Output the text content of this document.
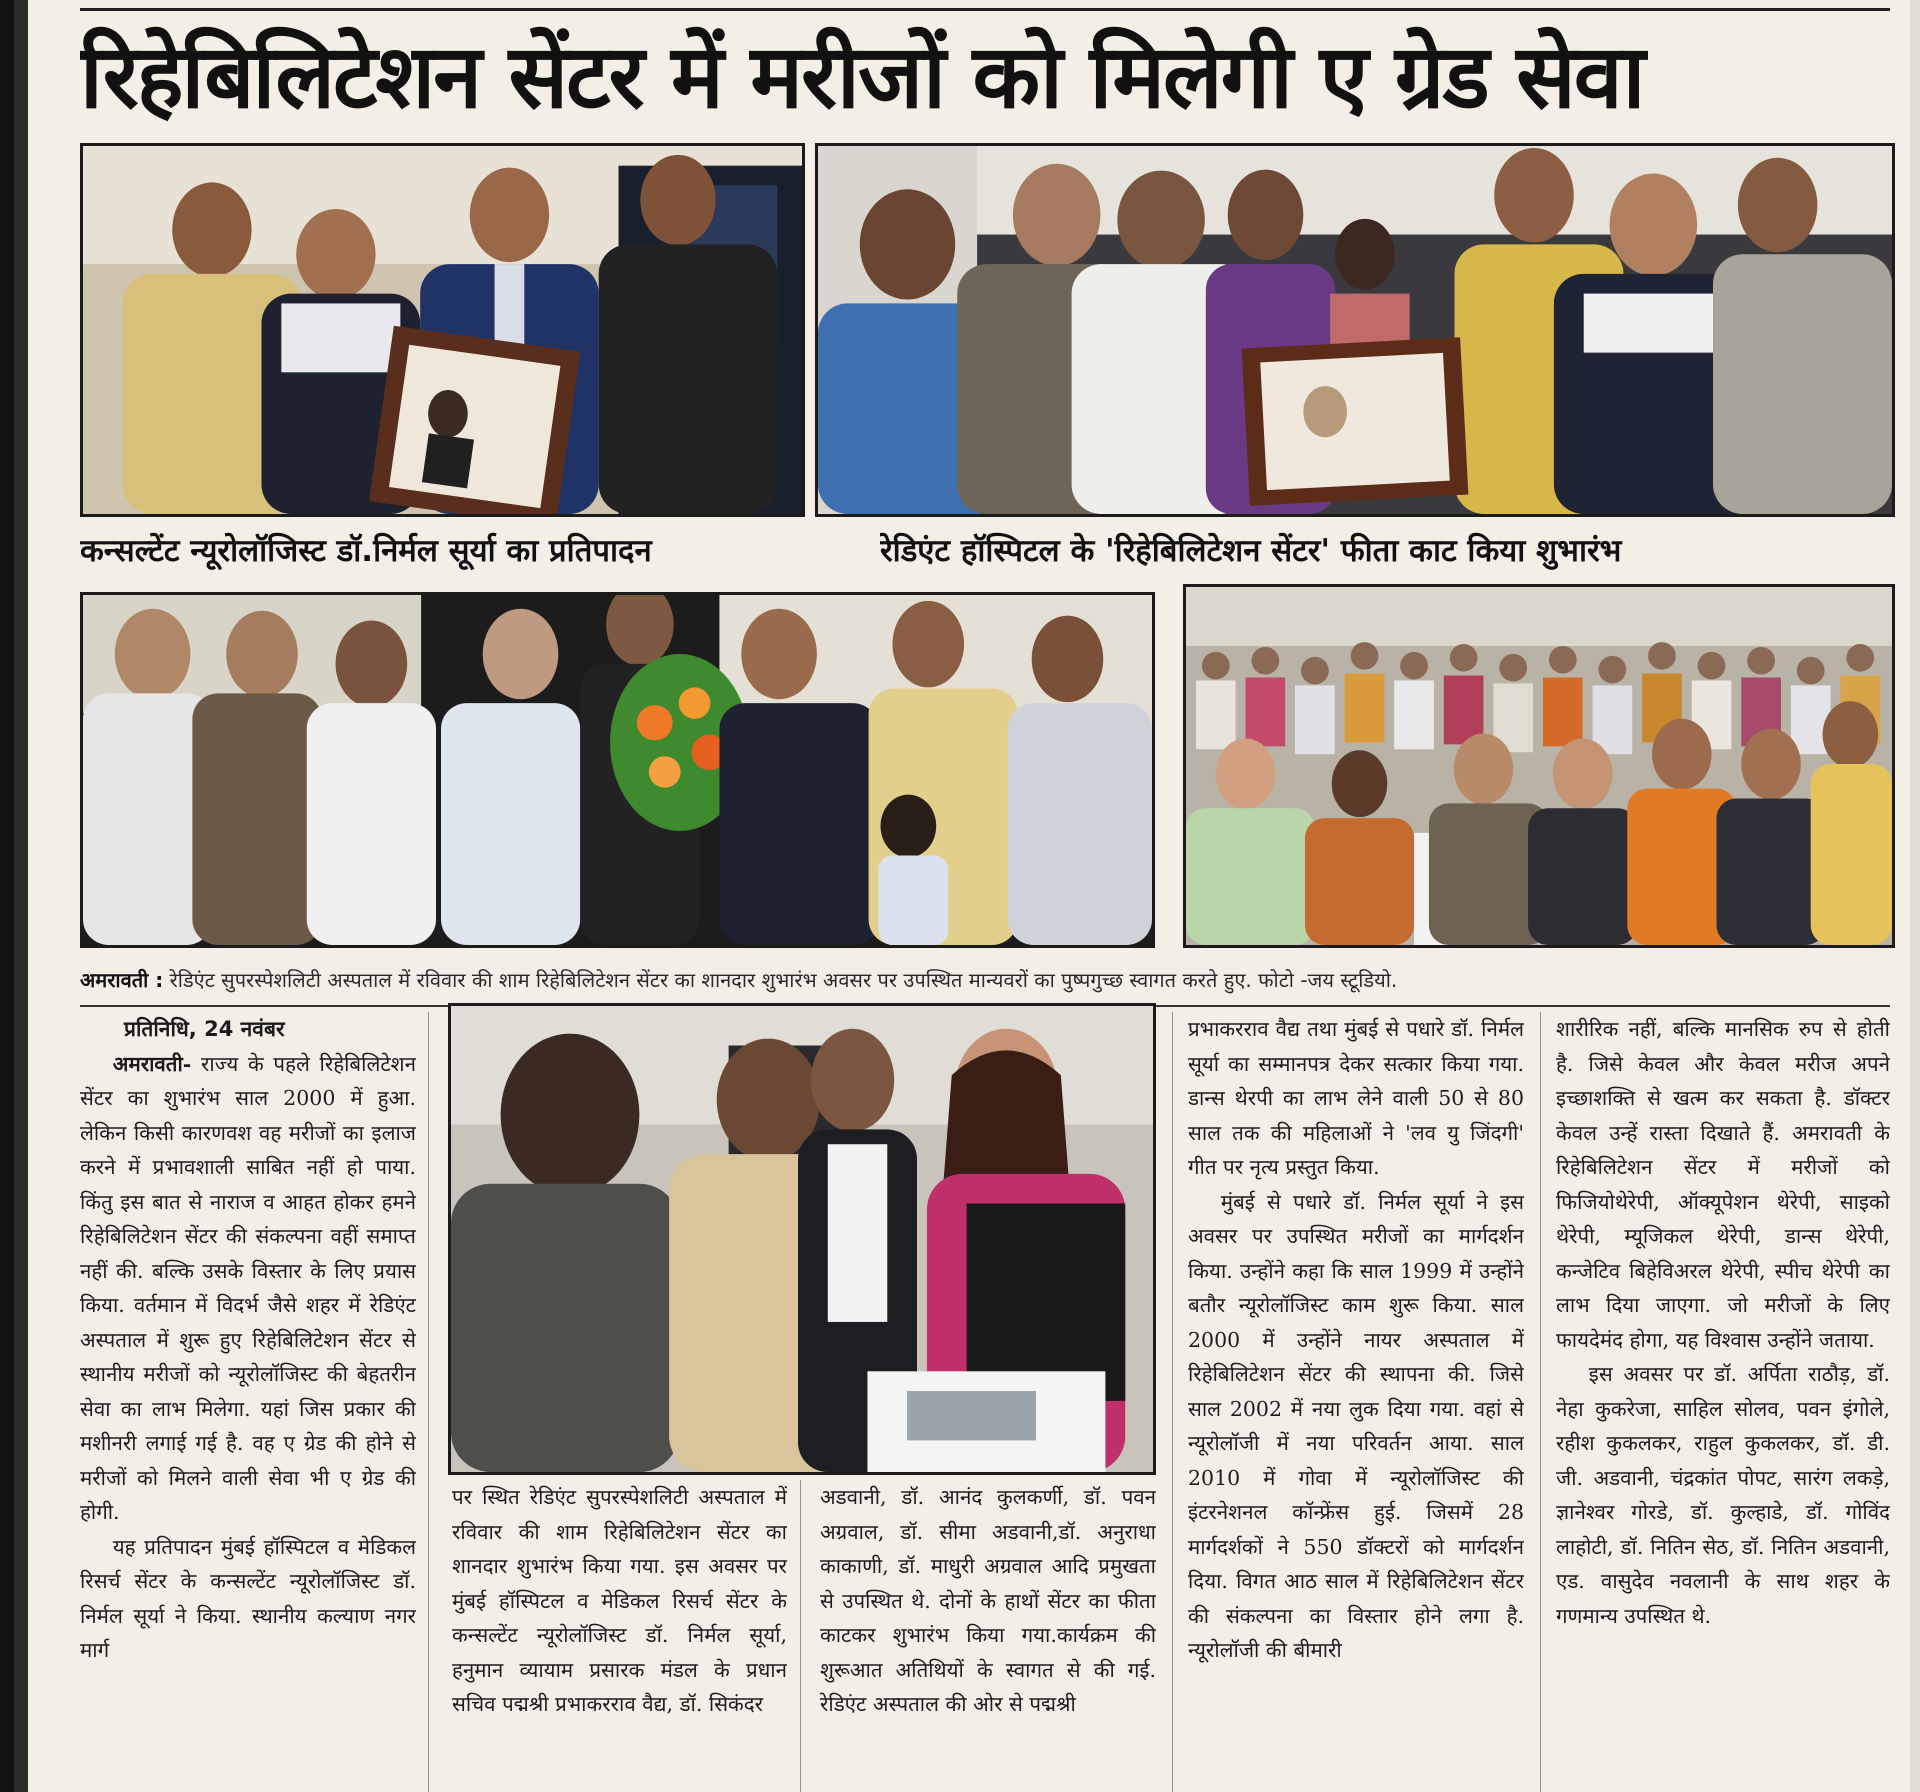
रिहेबिलिटेशन सेंटर में मरीजों को मिलेगी ए ग्रेड सेवा
कन्सल्टेंट न्यूरोलॉजिस्ट डॉ.निर्मल सूर्या का प्रतिपादन	रेडिएंट हॉस्पिटल के 'रिहेबिलिटेशन सेंटर' फीता काट किया शुभारंभ
अमरावती : रेडिएंट सुपरस्पेशलिटी अस्पताल में रविवार की शाम रिहेबिलिटेशन सेंटर का शानदार शुभारंभ अवसर पर उपस्थित मान्यवरों का पुष्पगुच्छ स्वागत करते हुए. फोटो -जय स्टूडियो.

प्रतिनिधि, 24 नवंबर

अमरावती- राज्य के पहले रिहेबिलिटेशन सेंटर का शुभारंभ साल 2000 में हुआ. लेकिन किसी कारणवश वह मरीजों का इलाज करने में प्रभावशाली साबित नहीं हो पाया. किंतु इस बात से नाराज व आहत होकर हमने रिहेबिलिटेशन सेंटर की संकल्पना वहीं समाप्त नहीं की. बल्कि उसके विस्तार के लिए प्रयास किया. वर्तमान में विदर्भ जैसे शहर में रेडिएंट अस्पताल में शुरू हुए रिहेबिलिटेशन सेंटर से स्थानीय मरीजों को न्यूरोलॉजिस्ट की बेहतरीन सेवा का लाभ मिलेगा. यहां जिस प्रकार की मशीनरी लगाई गई है. वह ए ग्रेड की होने से मरीजों को मिलने वाली सेवा भी ए ग्रेड की होगी.

यह प्रतिपादन मुंबई हॉस्पिटल व मेडिकल रिसर्च सेंटर के कन्सल्टेंट न्यूरोलॉजिस्ट डॉ. निर्मल सूर्या ने किया. स्थानीय कल्याण नगर मार्ग

पर स्थित रेडिएंट सुपरस्पेशलिटी अस्पताल में रविवार की शाम रिहेबिलिटेशन सेंटर का शानदार शुभारंभ किया गया. इस अवसर पर मुंबई हॉस्पिटल व मेडिकल रिसर्च सेंटर के कन्सल्टेंट न्यूरोलॉजिस्ट डॉ. निर्मल सूर्या, हनुमान व्यायाम प्रसारक मंडल के प्रधान सचिव पद्मश्री प्रभाकरराव वैद्य, डॉ. सिकंदर

अडवानी, डॉ. आनंद कुलकर्णी, डॉ. पवन अग्रवाल, डॉ. सीमा अडवानी,डॉ. अनुराधा काकाणी, डॉ. माधुरी अग्रवाल आदि प्रमुखता से उपस्थित थे. दोनों के हाथों सेंटर का फीता काटकर शुभारंभ किया गया.कार्यक्रम की शुरूआत अतिथियों के स्वागत से की गई. रेडिएंट अस्पताल की ओर से पद्मश्री

प्रभाकरराव वैद्य तथा मुंबई से पधारे डॉ. निर्मल सूर्या का सम्मानपत्र देकर सत्कार किया गया. डान्स थेरपी का लाभ लेने वाली 50 से 80 साल तक की महिलाओं ने 'लव यु जिंदगी' गीत पर नृत्य प्रस्तुत किया.

मुंबई से पधारे डॉ. निर्मल सूर्या ने इस अवसर पर उपस्थित मरीजों का मार्गदर्शन किया. उन्होंने कहा कि साल 1999 में उन्होंने बतौर न्यूरोलॉजिस्ट काम शुरू किया. साल 2000 में उन्होंने नायर अस्पताल में रिहेबिलिटेशन सेंटर की स्थापना की. जिसे साल 2002 में नया लुक दिया गया. वहां से न्यूरोलॉजी में नया परिवर्तन आया. साल 2010 में गोवा में न्यूरोलॉजिस्ट की इंटरनेशनल कॉन्फ्रेंस हुई. जिसमें 28 मार्गदर्शकों ने 550 डॉक्टरों को मार्गदर्शन दिया. विगत आठ साल में रिहेबिलिटेशन सेंटर की संकल्पना का विस्तार होने लगा है. न्यूरोलॉजी की बीमारी

शारीरिक नहीं, बल्कि मानसिक रुप से होती है. जिसे केवल और केवल मरीज अपने इच्छाशक्ति से खत्म कर सकता है. डॉक्टर केवल उन्हें रास्ता दिखाते हैं. अमरावती के रिहेबिलिटेशन सेंटर में मरीजों को फिजियोथेरेपी, ऑक्यूपेशन थेरेपी, साइको थेरेपी, म्यूजिकल थेरेपी, डान्स थेरेपी, कन्जेटिव बिहेविअरल थेरेपी, स्पीच थेरेपी का लाभ दिया जाएगा. जो मरीजों के लिए फायदेमंद होगा, यह विश्वास उन्होंने जताया.

इस अवसर पर डॉ. अर्पिता राठौड़, डॉ. नेहा कुकरेजा, साहिल सोलव, पवन इंगोले, रहीश कुकलकर, राहुल कुकलकर, डॉ. डी. जी. अडवानी, चंद्रकांत पोपट, सारंग लकड़े, ज्ञानेश्वर गोरडे, डॉ. कुल्हाडे, डॉ. गोविंद लाहोटी, डॉ. नितिन सेठ, डॉ. नितिन अडवानी, एड. वासुदेव नवलानी के साथ शहर के गणमान्य उपस्थित थे.
